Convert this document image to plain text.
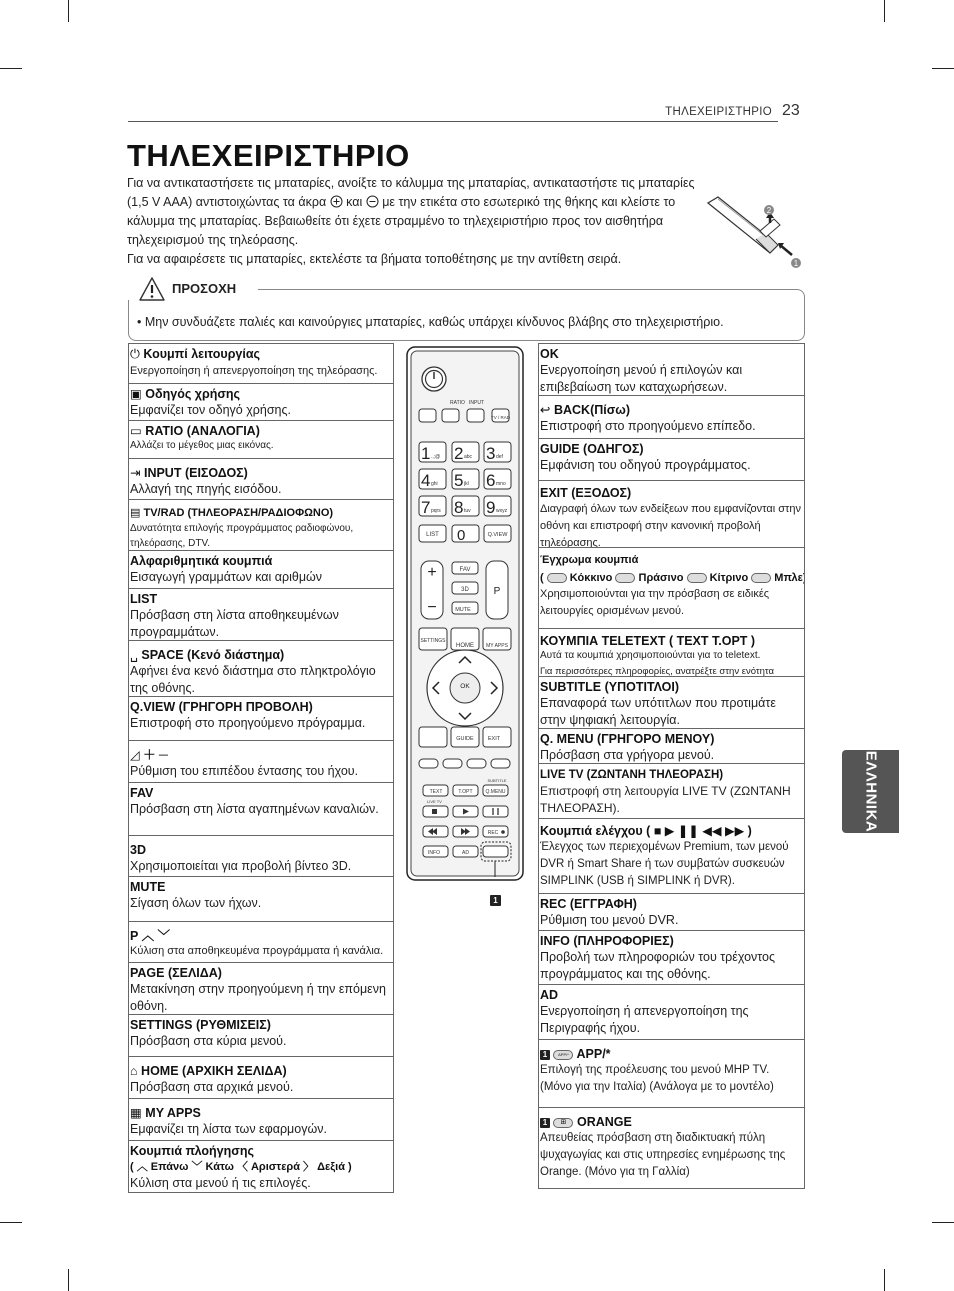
ΤΗΛΕΧΕΙΡΙΣΤΗΡΙΟ 23
ΤΗΛΕΧΕΙΡΙΣΤΗΡΙΟ

Για να αντικαταστήσετε τις μπαταρίες, ανοίξτε το κάλυμμα της μπαταρίας, αντικαταστήστε τις μπαταρίες

(1,5 V AAA) αντιστοιχώντας τα άκρα και με την ετικέτα στο εσωτερικό της θήκης και κλείστε το

κάλυμμα της μπαταρίας. Βεβαιωθείτε ότι έχετε στραμμένο το τηλεχειριστήριο προς τον αισθητήρα

τηλεχειρισμού της τηλεόρασης.

Για να αφαιρέσετε τις μπαταρίες, εκτελέστε τα βήματα τοποθέτησης με την αντίθετη σειρά.

2
1
ΠΡΟΣΟΧΗ
• Μην συνδυάζετε παλιές και καινούργιες μπαταρίες, καθώς υπάρχει κίνδυνος βλάβης στο τηλεχειριστήριο.
⏻ Κουμπί λειτουργίας
Ενεργοποίηση ή απενεργοποίηση της τηλεόρασης.
▣ Οδηγός χρήσης
Εμφανίζει τον οδηγό χρήσης.
▭ RATIO (ΑΝΑΛΟΓΙΑ)
Αλλάζει το μέγεθος μιας εικόνας.
⇥ INPUT (ΕΙΣΟΔΟΣ)
Αλλαγή της πηγής εισόδου.
▤ TV/RAD (ΤΗΛΕΟΡΑΣΗ/ΡΑΔΙΟΦΩΝΟ)
Δυνατότητα επιλογής προγράμματος ραδιοφώνου, τηλεόρασης, DTV.
Αλφαριθμητικά κουμπιά
Εισαγωγή γραμμάτων και αριθμών
LIST
Πρόσβαση στη λίστα αποθηκευμένων προγραμμάτων.
␣ SPACE (Κενό διάστημα)
Αφήνει ένα κενό διάστημα στο πληκτρολόγιο της οθόνης.
Q.VIEW (ΓΡΗΓΟΡΗ ΠΡΟΒΟΛΗ)
Επιστροφή στο προηγούμενο πρόγραμμα.
◿ ＋ ─
Ρύθμιση του επιπέδου έντασης του ήχου.
FAV
Πρόσβαση στη λίστα αγαπημένων καναλιών.
3D
Χρησιμοποιείται για προβολή βίντεο 3D.
MUTE
Σίγαση όλων των ήχων.
P ︿ ﹀
Κύλιση στα αποθηκευμένα προγράμματα ή κανάλια.
PAGE (ΣΕΛΙΔΑ)
Μετακίνηση στην προηγούμενη ή την επόμενη οθόνη.
SETTINGS (ΡΥΘΜΙΣΕΙΣ)
Πρόσβαση στα κύρια μενού.
⌂ HOME (ΑΡΧΙΚΗ ΣΕΛΙΔΑ)
Πρόσβαση στα αρχικά μενού.
▦ MY APPS
Εμφανίζει τη λίστα των εφαρμογών.
Κουμπιά πλοήγησης
( ︿ Επάνω ﹀ Κάτω 〈 Αριστερά 〉 Δεξιά )
Κύλιση στα μενού ή τις επιλογές.
RATIO INPUT
TV / RAD
1 .,;@ 2 abc 3 def
4 ghi 5 jkl 6 mno
7 pqrs 8 tuv 9 wxyz
LIST 0	Q.VIEW
+
−
P
FAV
3D
MUTE
SETTINGS
HOME MY APPS
OK
GUIDE	EXIT
SUBTITLE
TEXT	T.OPT	Q.MENU
LIVE TV
REC
INFO	AD
1
OK
Ενεργοποίηση μενού ή επιλογών και επιβεβαίωση των καταχωρήσεων.
↩ BACK(Πίσω)
Επιστροφή στο προηγούμενο επίπεδο.
GUIDE (ΟΔΗΓΟΣ)
Εμφάνιση του οδηγού προγράμματος.
EXIT (ΕΞΟΔΟΣ)
Διαγραφή όλων των ενδείξεων που εμφανίζονται στην οθόνη και επιστροφή στην κανονική προβολή τηλεόρασης.
Έγχρωμα κουμπιά
(  Κόκκινο Πράσινο Κίτρινο Μπλε
Χρησιμοποιούνται για την πρόσβαση σε ειδικές λειτουργίες ορισμένων μενού.
ΚΟΥΜΠΙΑ TELETEXT ( TEXT T.OPT )
Αυτά τα κουμπιά χρησιμοποιούνται για το teletext.
Για περισσότερες πληροφορίες, ανατρέξτε στην ενότητα
SUBTITLE (ΥΠΟΤΙΤΛΟΙ)
Επαναφορά των υπότιτλων που προτιμάτε στην ψηφιακή λειτουργία.
Q. MENU (ΓΡΗΓΟΡΟ ΜΕΝΟΥ)
Πρόσβαση στα γρήγορα μενού.
LIVE TV (ΖΩΝΤΑΝΗ ΤΗΛΕΟΡΑΣΗ)
Επιστροφή στη λειτουργία LIVE TV (ΖΩΝΤΑΝΗ ΤΗΛΕΟΡΑΣΗ).
Κουμπιά ελέγχου ( ■ ▶ ❚❚ ◀◀ ▶▶ )
Έλεγχος των περιεχομένων Premium, των μενού DVR ή Smart Share ή των συμβατών συσκευών SIMPLINK (USB ή SIMPLINK ή DVR).
REC (ΕΓΓΡΑΦΗ)
Ρύθμιση του μενού DVR.
INFO (ΠΛΗΡΟΦΟΡΙΕΣ)
Προβολή των πληροφοριών του τρέχοντος προγράμματος και της οθόνης.
AD
Ενεργοποίηση ή απενεργοποίηση της Περιγραφής ήχου.
1	APP/* APP/*
Επιλογή της προέλευσης του μενού MHP TV. (Μόνο για την Ιταλία) (Ανάλογα με το μοντέλο)
1 ⊞ ORANGE
Απευθείας πρόσβαση στη διαδικτυακή πύλη ψυχαγωγίας και στις υπηρεσίες ενημέρωσης της Orange. (Μόνο για τη Γαλλία)
ΕΛΛΗΝΙΚΑ
